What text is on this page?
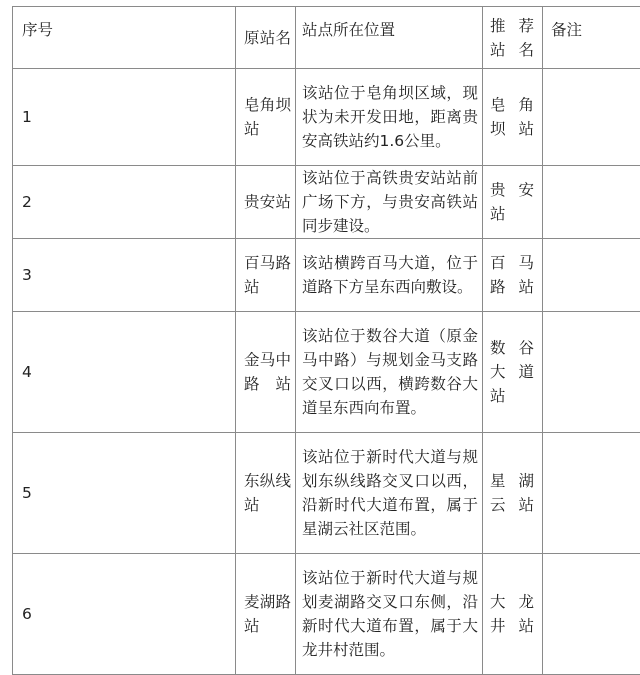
序号	原站名	站点所在位置	推荐站名	备注
1	皂角坝站	该站位于皂角坝区域，现状为未开发田地，距离贵安高铁站约1.6公里。	皂角坝站	

2	贵安站	该站位于高铁贵安站站前广场下方，与贵安高铁站同步建设。	贵安站	

3	百马路站	该站横跨百马大道，位于道路下方呈东西向敷设。	百马路站	

4	金马中路站	该站位于数谷大道（原金马中路）与规划金马支路交叉口以西，横跨数谷大道呈东西向布置。	数谷大道站	

5	东纵线站	该站位于新时代大道与规划东纵线路交叉口以西，沿新时代大道布置，属于星湖云社区范围。	星湖云站	

6	麦湖路站	该站位于新时代大道与规划麦湖路交叉口东侧，沿新时代大道布置，属于大龙井村范围。	大龙井站	
